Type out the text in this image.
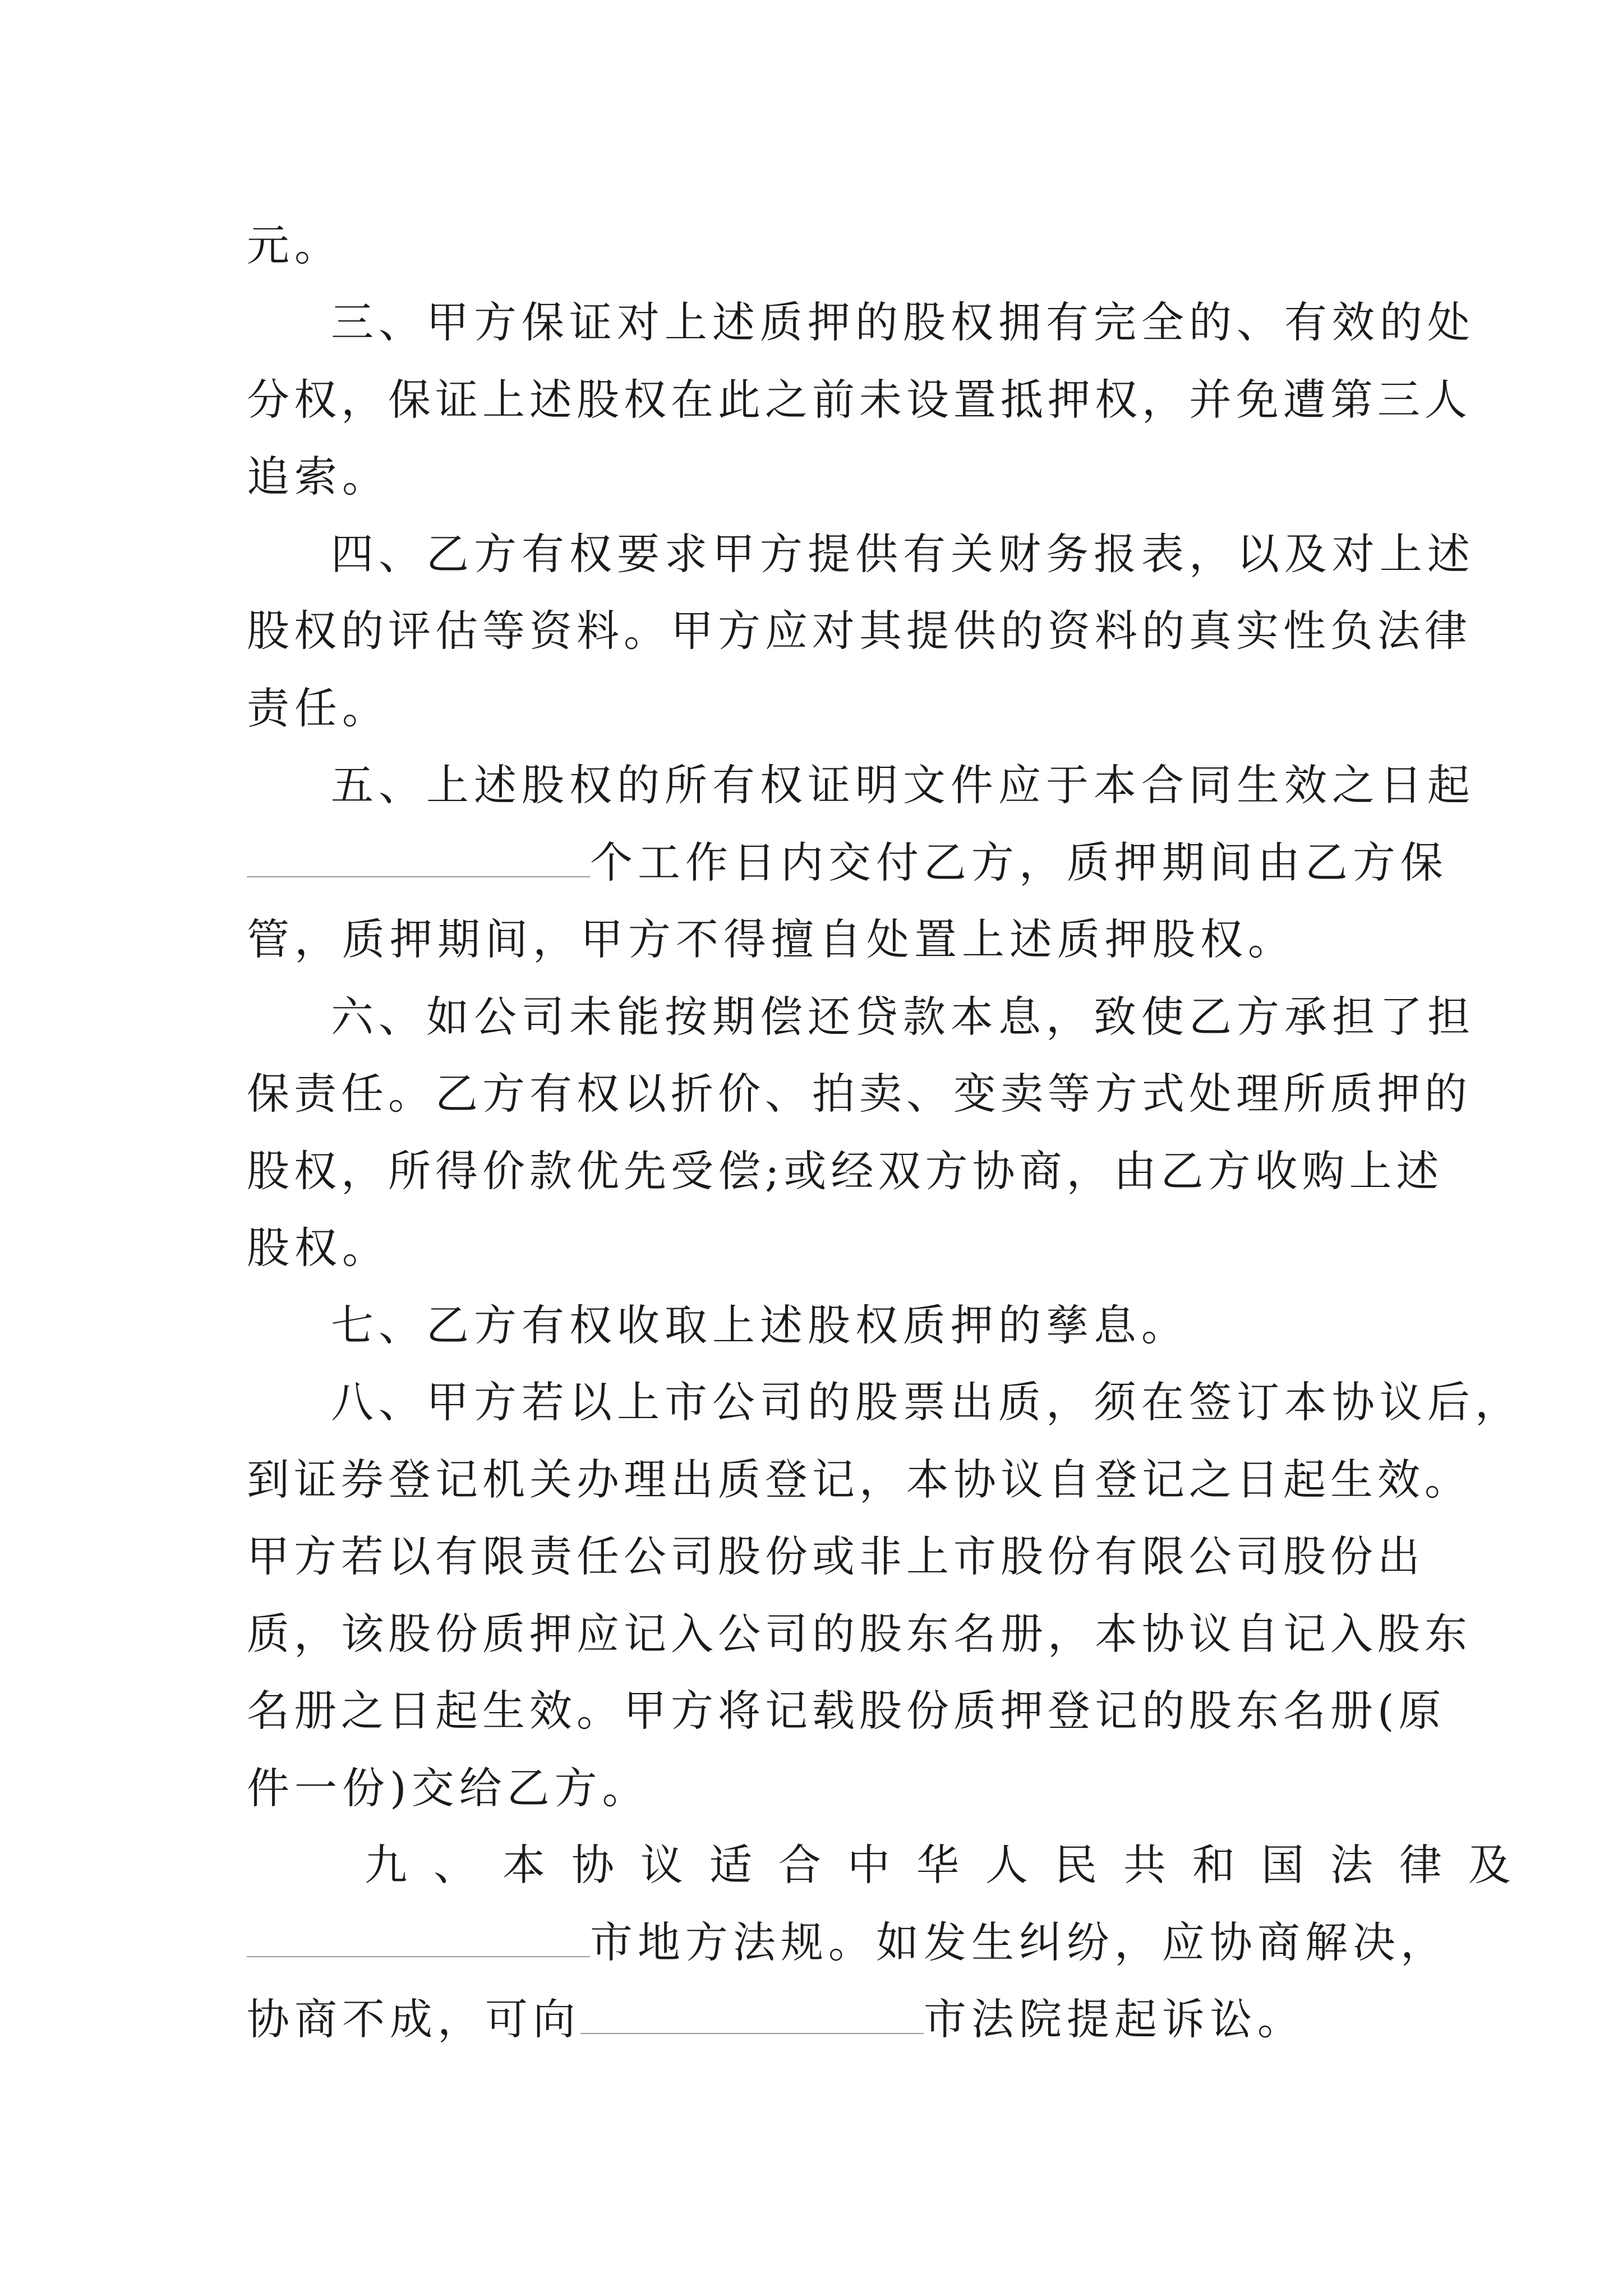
元。
三、甲方保证对上述质押的股权拥有完全的、有效的处
分权，保证上述股权在此之前未设置抵押权，并免遭第三人
追索。
四、乙方有权要求甲方提供有关财务报表，以及对上述
股权的评估等资料。甲方应对其提供的资料的真实性负法律
责任。
五、上述股权的所有权证明文件应于本合同生效之日起
个工作日内交付乙方，质押期间由乙方保
管，质押期间，甲方不得擅自处置上述质押股权。
六、如公司未能按期偿还贷款本息，致使乙方承担了担
保责任。乙方有权以折价、拍卖、变卖等方式处理所质押的
股权，所得价款优先受偿;或经双方协商，由乙方收购上述
股权。
七、乙方有权收取上述股权质押的孳息。
八、甲方若以上市公司的股票出质，须在签订本协议后，
到证券登记机关办理出质登记，本协议自登记之日起生效。
甲方若以有限责任公司股份或非上市股份有限公司股份出
质，该股份质押应记入公司的股东名册，本协议自记入股东
名册之日起生效。甲方将记载股份质押登记的股东名册(原
件一份)交给乙方。
九、本协议适合中华人民共和国法律及
市地方法规。如发生纠纷，应协商解决，
协商不成，可向	市法院提起诉讼。
